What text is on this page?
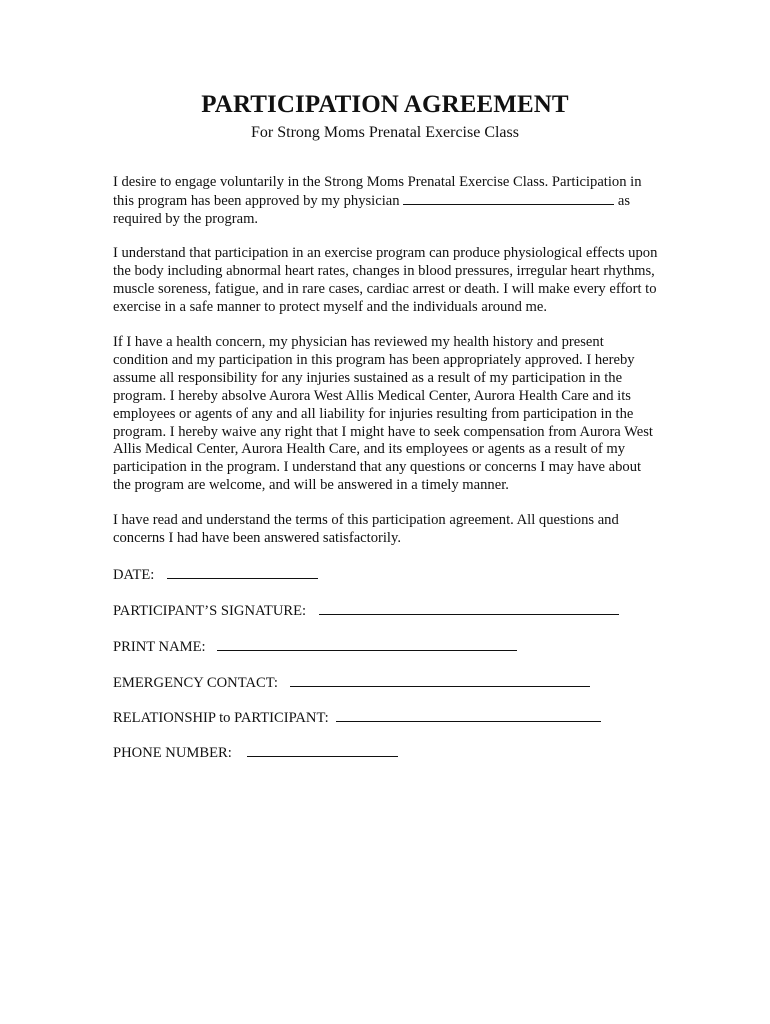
PARTICIPATION AGREEMENT

For Strong Moms Prenatal Exercise Class

I desire to engage voluntarily in the Strong Moms Prenatal Exercise Class. Participation in this program has been approved by my physician	as required by the program.

I understand that participation in an exercise program can produce physiological effects upon the body including abnormal heart rates, changes in blood pressures, irregular heart rhythms, muscle soreness, fatigue, and in rare cases, cardiac arrest or death. I will make every effort to exercise in a safe manner to protect myself and the individuals around me.

If I have a health concern, my physician has reviewed my health history and present condition and my participation in this program has been appropriately approved. I hereby assume all responsibility for any injuries sustained as a result of my participation in the program. I hereby absolve Aurora West Allis Medical Center, Aurora Health Care and its employees or agents of any and all liability for injuries resulting from participation in the program. I hereby waive any right that I might have to seek compensation from Aurora West Allis Medical Center, Aurora Health Care, and its employees or agents as a result of my participation in the program. I understand that any questions or concerns I may have about the program are welcome, and will be answered in a timely manner.

I have read and understand the terms of this participation agreement. All questions and concerns I had have been answered satisfactorily.

DATE:
PARTICIPANT’S SIGNATURE:
PRINT NAME:
EMERGENCY CONTACT:
RELATIONSHIP to PARTICIPANT:
PHONE NUMBER:
